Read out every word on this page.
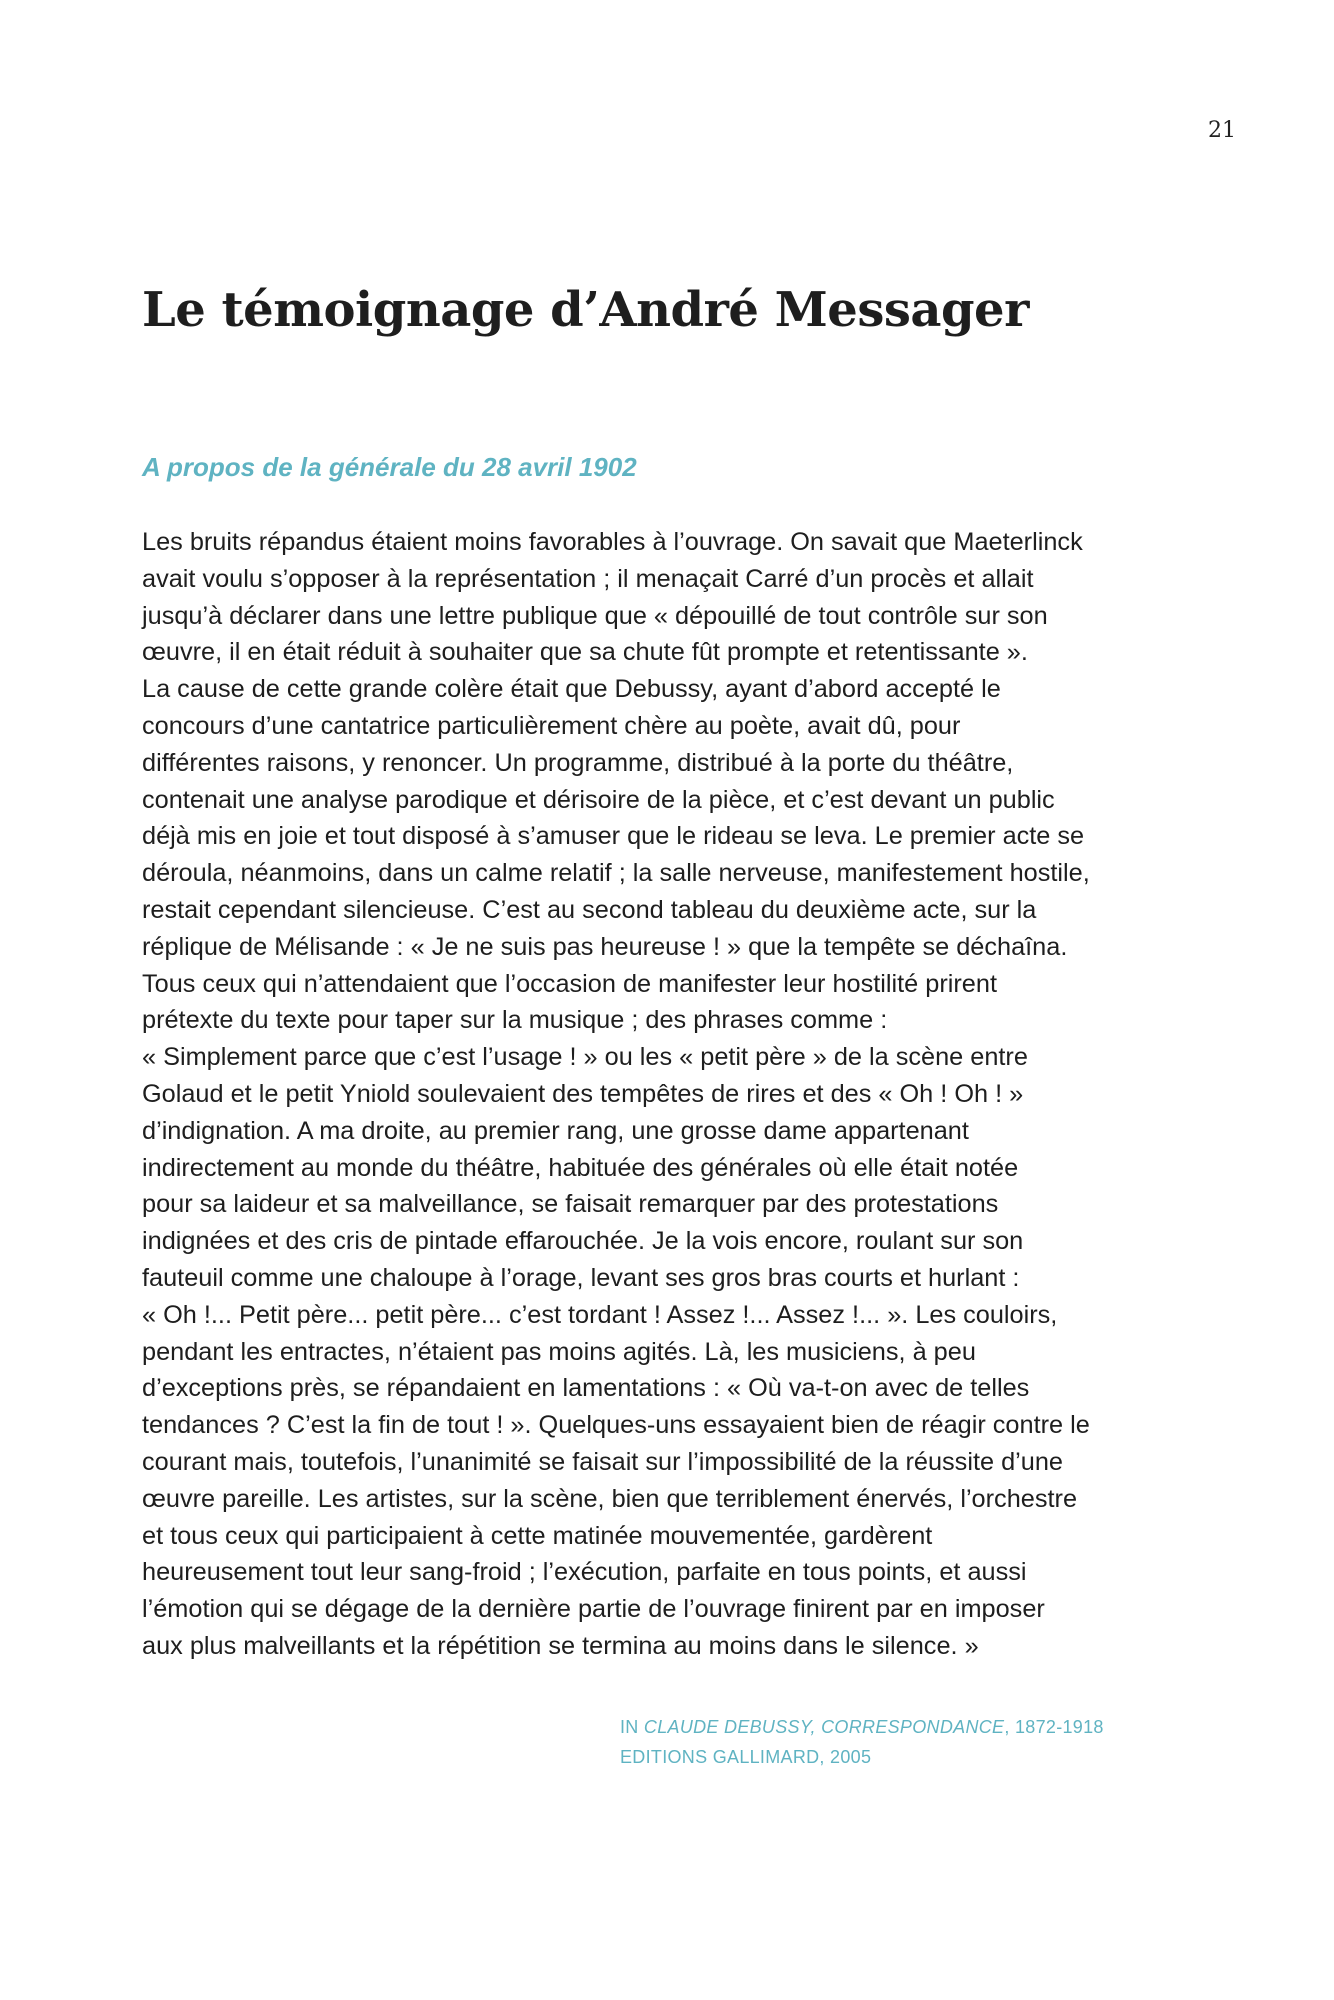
21
Le témoignage d’André Messager
A propos de la générale du 28 avril 1902
Les bruits répandus étaient moins favorables à l’ouvrage. On savait que Maeterlinck
avait voulu s’opposer à la représentation ; il menaçait Carré d’un procès et allait
jusqu’à déclarer dans une lettre publique que « dépouillé de tout contrôle sur son
œuvre, il en était réduit à souhaiter que sa chute fût prompte et retentissante ».
La cause de cette grande colère était que Debussy, ayant d’abord accepté le
concours d’une cantatrice particulièrement chère au poète, avait dû, pour
différentes raisons, y renoncer. Un programme, distribué à la porte du théâtre,
contenait une analyse parodique et dérisoire de la pièce, et c’est devant un public
déjà mis en joie et tout disposé à s’amuser que le rideau se leva. Le premier acte se
déroula, néanmoins, dans un calme relatif ; la salle nerveuse, manifestement hostile,
restait cependant silencieuse. C’est au second tableau du deuxième acte, sur la
réplique de Mélisande : « Je ne suis pas heureuse ! » que la tempête se déchaîna.
Tous ceux qui n’attendaient que l’occasion de manifester leur hostilité prirent
prétexte du texte pour taper sur la musique ; des phrases comme :
« Simplement parce que c’est l’usage ! » ou les « petit père » de la scène entre
Golaud et le petit Yniold soulevaient des tempêtes de rires et des « Oh ! Oh ! »
d’indignation. A ma droite, au premier rang, une grosse dame appartenant
indirectement au monde du théâtre, habituée des générales où elle était notée
pour sa laideur et sa malveillance, se faisait remarquer par des protestations
indignées et des cris de pintade effarouchée. Je la vois encore, roulant sur son
fauteuil comme une chaloupe à l’orage, levant ses gros bras courts et hurlant :
« Oh !... Petit père... petit père... c’est tordant ! Assez !... Assez !... ». Les couloirs,
pendant les entractes, n’étaient pas moins agités. Là, les musiciens, à peu
d’exceptions près, se répandaient en lamentations : « Où va-t-on avec de telles
tendances ? C’est la fin de tout ! ». Quelques-uns essayaient bien de réagir contre le
courant mais, toutefois, l’unanimité se faisait sur l’impossibilité de la réussite d’une
œuvre pareille. Les artistes, sur la scène, bien que terriblement énervés, l’orchestre
et tous ceux qui participaient à cette matinée mouvementée, gardèrent
heureusement tout leur sang-froid ; l’exécution, parfaite en tous points, et aussi
l’émotion qui se dégage de la dernière partie de l’ouvrage finirent par en imposer
aux plus malveillants et la répétition se termina au moins dans le silence. »
IN CLAUDE DEBUSSY, CORRESPONDANCE, 1872-1918
EDITIONS GALLIMARD, 2005
